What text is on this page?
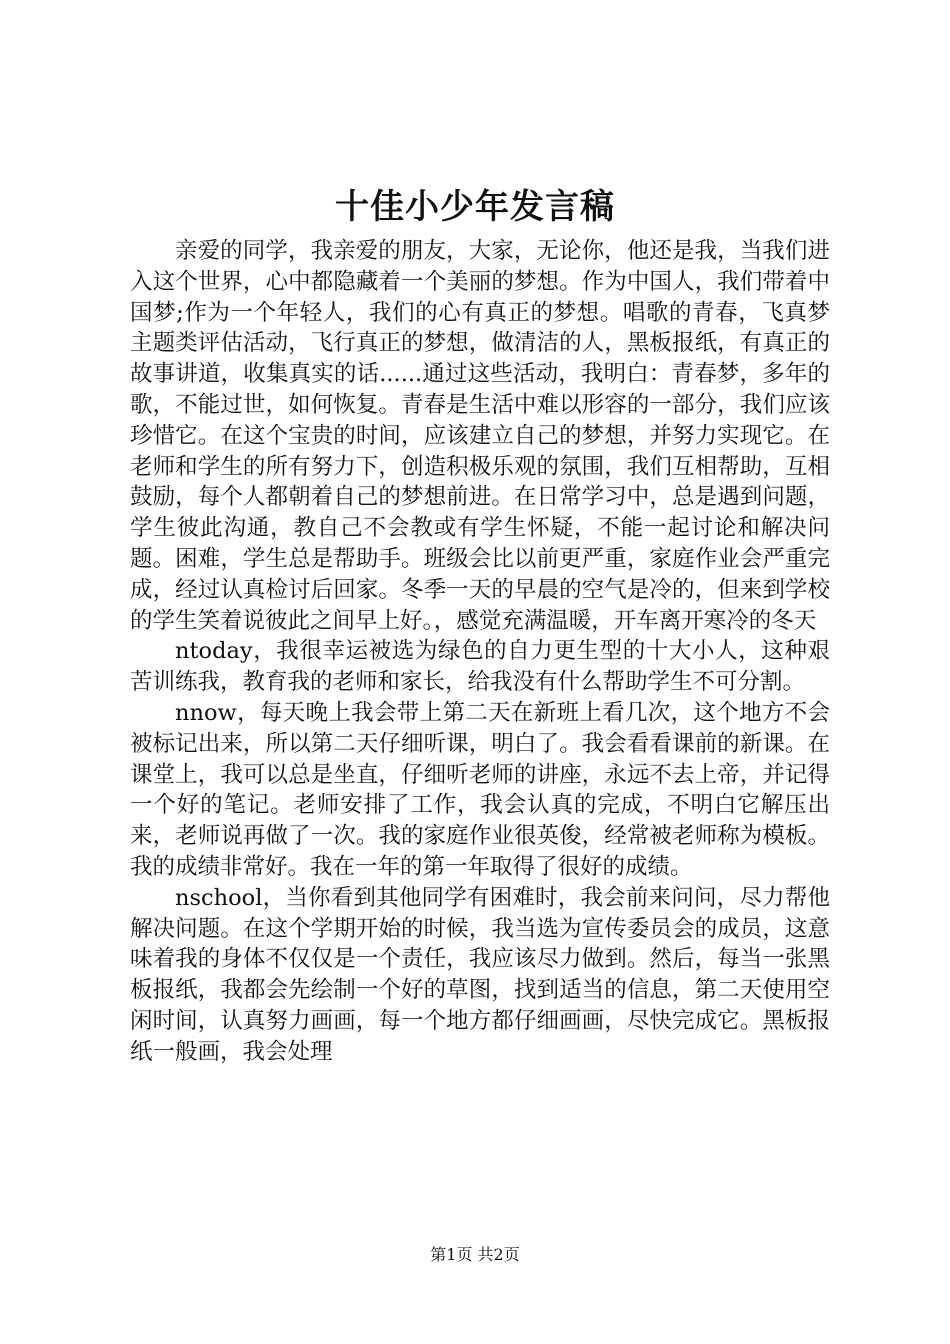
十佳小少年发言稿

亲爱的同学，我亲爱的朋友，大家，无论你，他还是我，当我们进入这个世界，心中都隐藏着一个美丽的梦想。作为中国人，我们带着中国梦;作为一个年轻人，我们的心有真正的梦想。唱歌的青春，飞真梦主题类评估活动，飞行真正的梦想，做清洁的人，黑板报纸，有真正的故事讲道，收集真实的话......通过这些活动，我明白：青春梦，多年的歌，不能过世，如何恢复。青春是生活中难以形容的一部分，我们应该珍惜它。在这个宝贵的时间，应该建立自己的梦想，并努力实现它。在老师和学生的所有努力下，创造积极乐观的氛围，我们互相帮助，互相鼓励，每个人都朝着自己的梦想前进。在日常学习中，总是遇到问题，学生彼此沟通，教自己不会教或有学生怀疑，不能一起讨论和解决问题。困难，学生总是帮助手。班级会比以前更严重，家庭作业会严重完成，经过认真检讨后回家。冬季一天的早晨的空气是冷的，但来到学校的学生笑着说彼此之间早上好。，感觉充满温暖，开车离开寒冷的冬天

ntoday，我很幸运被选为绿色的自力更生型的十大小人，这种艰苦训练我，教育我的老师和家长，给我没有什么帮助学生不可分割。

nnow，每天晚上我会带上第二天在新班上看几次，这个地方不会被标记出来，所以第二天仔细听课，明白了。我会看看课前的新课。在课堂上，我可以总是坐直，仔细听老师的讲座，永远不去上帝，并记得一个好的笔记。老师安排了工作，我会认真的完成，不明白它解压出来，老师说再做了一次。我的家庭作业很英俊，经常被老师称为模板。我的成绩非常好。我在一年的第一年取得了很好的成绩。

nschool，当你看到其他同学有困难时，我会前来问问，尽力帮他解决问题。在这个学期开始的时候，我当选为宣传委员会的成员，这意味着我的身体不仅仅是一个责任，我应该尽力做到。然后，每当一张黑板报纸，我都会先绘制一个好的草图，找到适当的信息，第二天使用空闲时间，认真努力画画，每一个地方都仔细画画，尽快完成它。黑板报纸一般画，我会处理

第1页 共2页
